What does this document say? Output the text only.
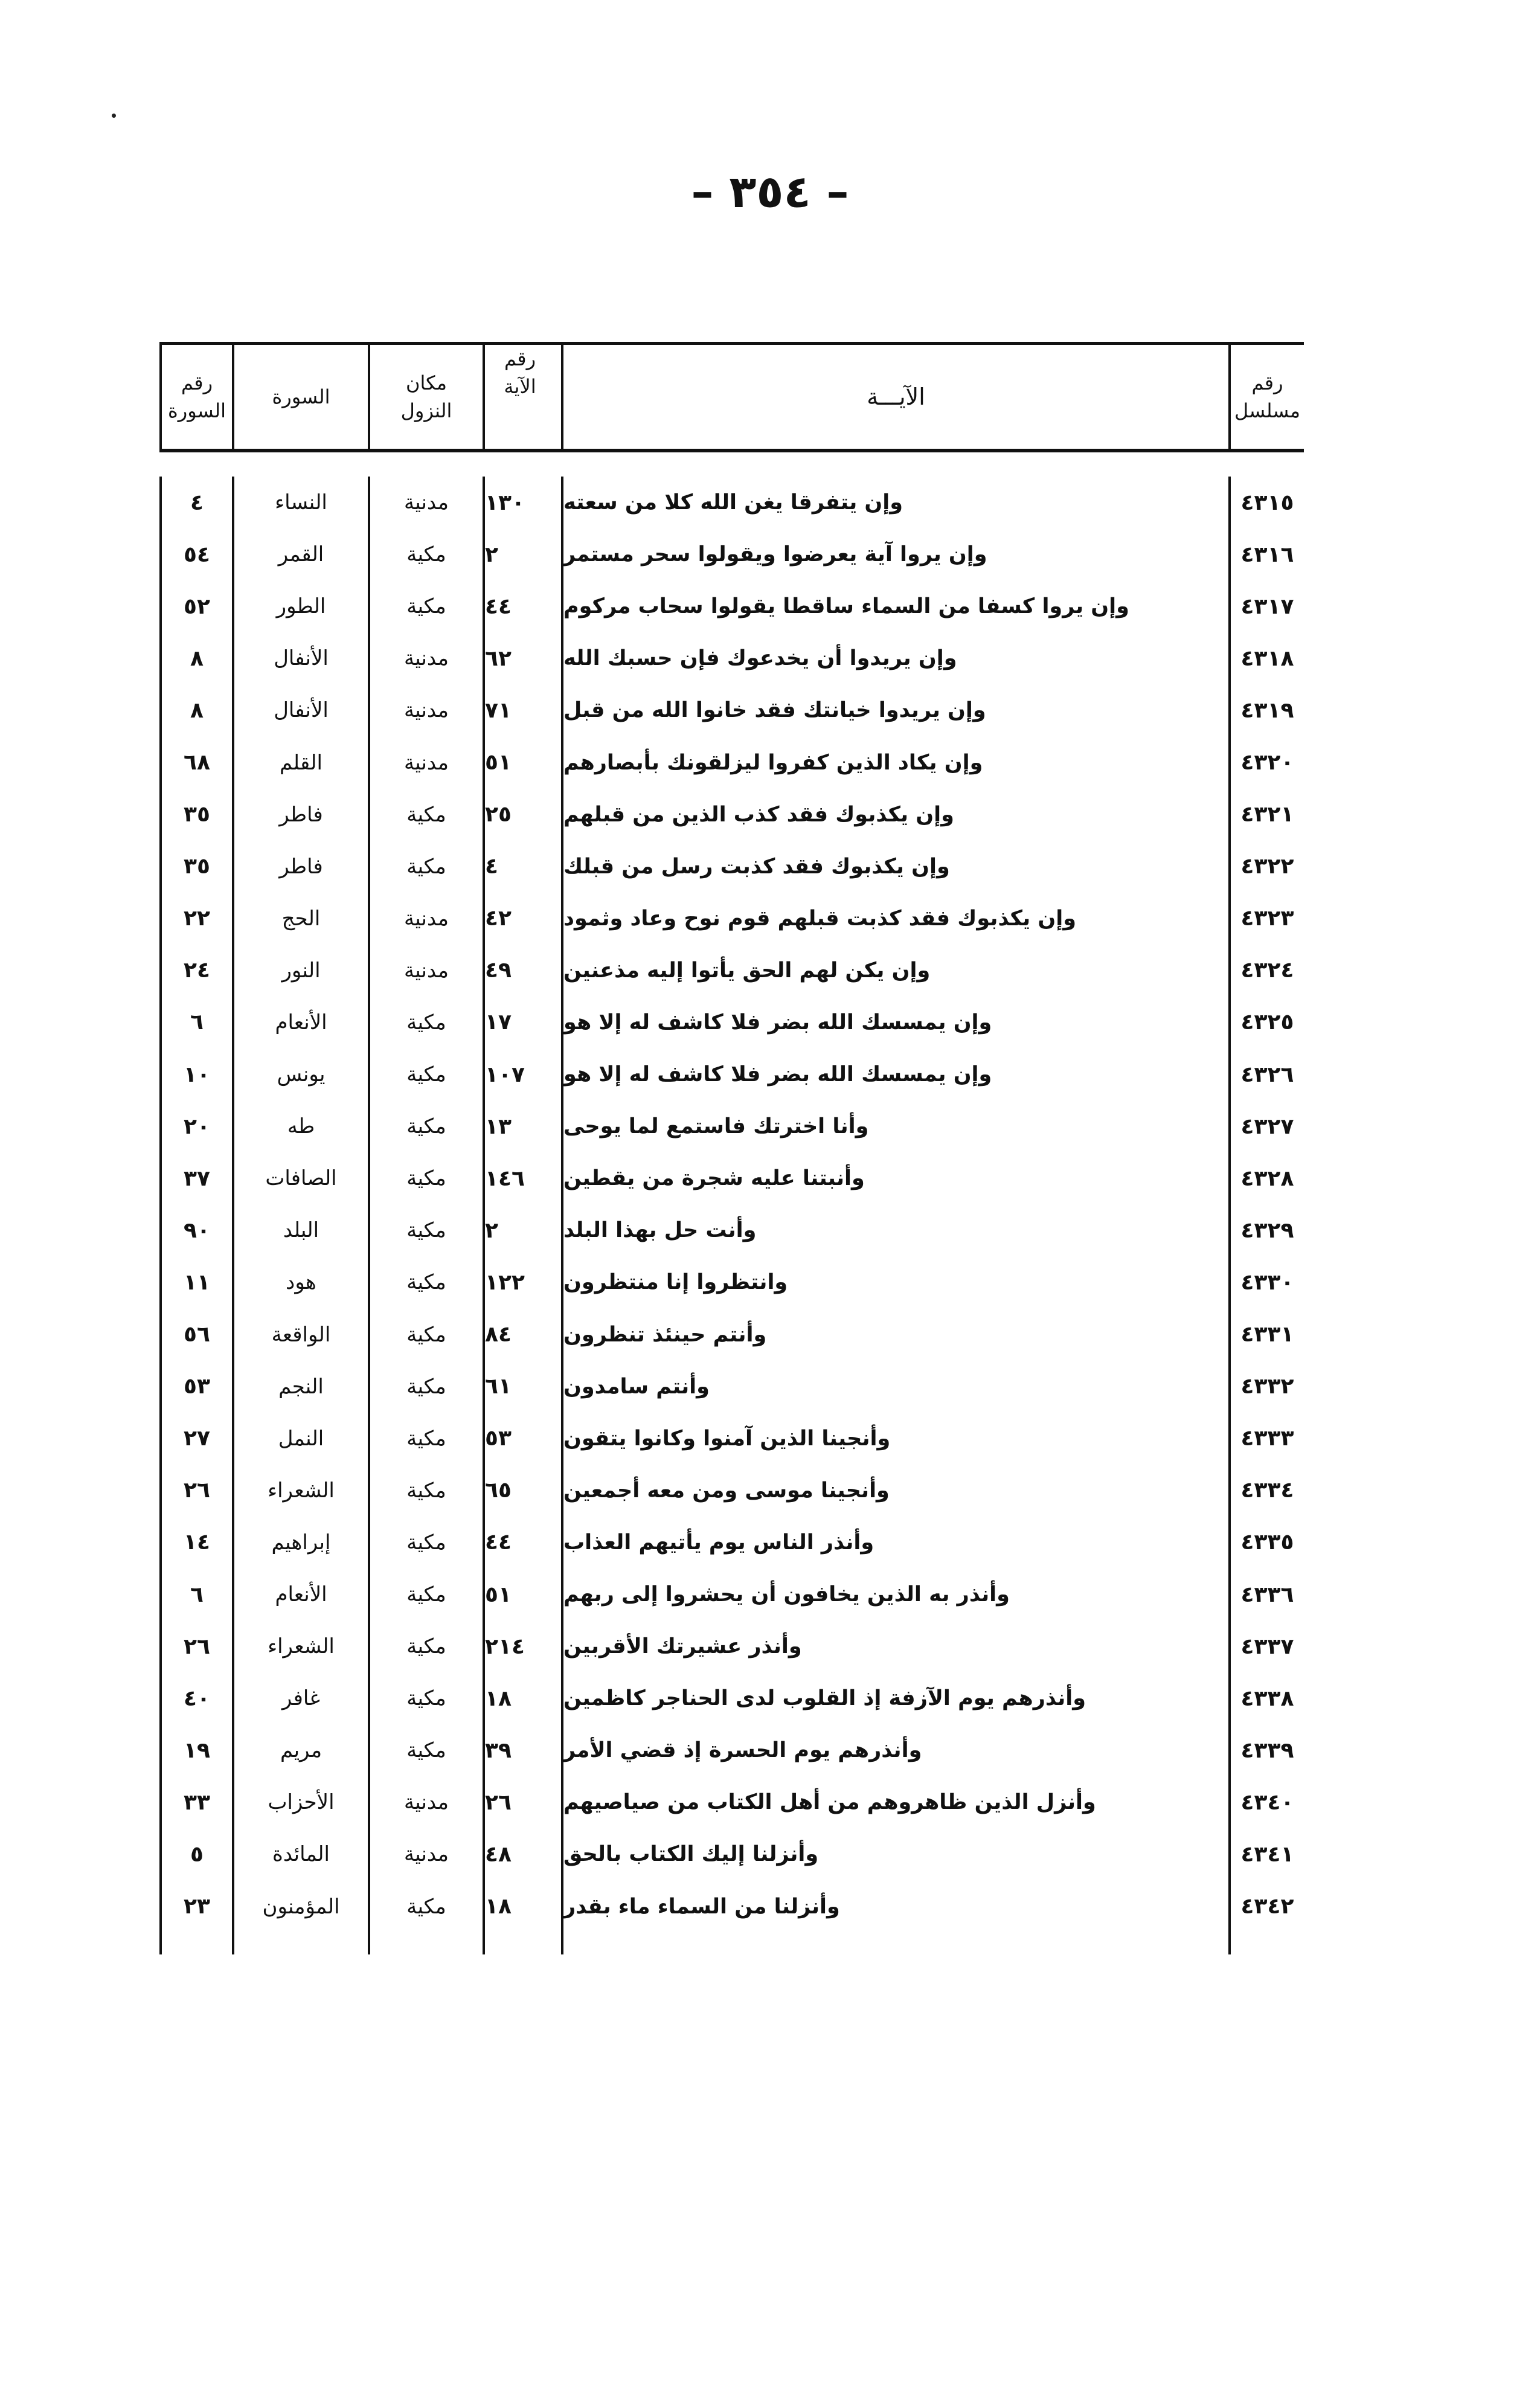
– ٣٥٤ –
رقم
مسلسل
الآيـــة
رقم
الآية
مكان
النزول
السورة
رقم
السورة
٤٣١٥
وإن يتفرقا يغن الله كلا من سعته
١٣٠
مدنية
النساء
٤
٤٣١٦
وإن يروا آية يعرضوا ويقولوا سحر مستمر
٢
مكية
القمر
٥٤
٤٣١٧
وإن يروا كسفا من السماء ساقطا يقولوا سحاب مركوم
٤٤
مكية
الطور
٥٢
٤٣١٨
وإن يريدوا أن يخدعوك فإن حسبك الله
٦٢
مدنية
الأنفال
٨
٤٣١٩
وإن يريدوا خيانتك فقد خانوا الله من قبل
٧١
مدنية
الأنفال
٨
٤٣٢٠
وإن يكاد الذين كفروا ليزلقونك بأبصارهم
٥١
مدنية
القلم
٦٨
٤٣٢١
وإن يكذبوك فقد كذب الذين من قبلهم
٢٥
مكية
فاطر
٣٥
٤٣٢٢
وإن يكذبوك فقد كذبت رسل من قبلك
٤
مكية
فاطر
٣٥
٤٣٢٣
وإن يكذبوك فقد كذبت قبلهم قوم نوح وعاد وثمود
٤٢
مدنية
الحج
٢٢
٤٣٢٤
وإن يكن لهم الحق يأتوا إليه مذعنين
٤٩
مدنية
النور
٢٤
٤٣٢٥
وإن يمسسك الله بضر فلا كاشف له إلا هو
١٧
مكية
الأنعام
٦
٤٣٢٦
وإن يمسسك الله بضر فلا كاشف له إلا هو
١٠٧
مكية
يونس
١٠
٤٣٢٧
وأنا اخترتك فاستمع لما يوحى
١٣
مكية
طه
٢٠
٤٣٢٨
وأنبتنا عليه شجرة من يقطين
١٤٦
مكية
الصافات
٣٧
٤٣٢٩
وأنت حل بهذا البلد
٢
مكية
البلد
٩٠
٤٣٣٠
وانتظروا إنا منتظرون
١٢٢
مكية
هود
١١
٤٣٣١
وأنتم حينئذ تنظرون
٨٤
مكية
الواقعة
٥٦
٤٣٣٢
وأنتم سامدون
٦١
مكية
النجم
٥٣
٤٣٣٣
وأنجينا الذين آمنوا وكانوا يتقون
٥٣
مكية
النمل
٢٧
٤٣٣٤
وأنجينا موسى ومن معه أجمعين
٦٥
مكية
الشعراء
٢٦
٤٣٣٥
وأنذر الناس يوم يأتيهم العذاب
٤٤
مكية
إبراهيم
١٤
٤٣٣٦
وأنذر به الذين يخافون أن يحشروا إلى ربهم
٥١
مكية
الأنعام
٦
٤٣٣٧
وأنذر عشيرتك الأقربين
٢١٤
مكية
الشعراء
٢٦
٤٣٣٨
وأنذرهم يوم الآزفة إذ القلوب لدى الحناجر كاظمين
١٨
مكية
غافر
٤٠
٤٣٣٩
وأنذرهم يوم الحسرة إذ قضي الأمر
٣٩
مكية
مريم
١٩
٤٣٤٠
وأنزل الذين ظاهروهم من أهل الكتاب من صياصيهم
٢٦
مدنية
الأحزاب
٣٣
٤٣٤١
وأنزلنا إليك الكتاب بالحق
٤٨
مدنية
المائدة
٥
٤٣٤٢
وأنزلنا من السماء ماء بقدر
١٨
مكية
المؤمنون
٢٣
